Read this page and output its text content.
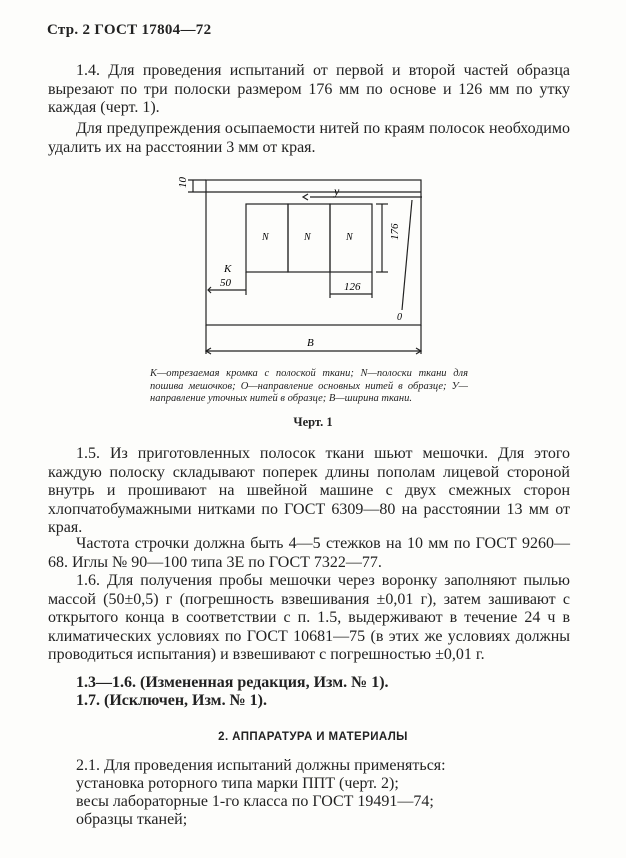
Стр. 2 ГОСТ 17804—72
1.4. Для проведения испытаний от первой и второй частей образца вырезают по три полоски размером 176 мм по основе и 126 мм по утку каждая (черт. 1).
Для предупреждения осыпаемости нитей по краям полосок необходимо удалить их на расстоянии 3 мм от края.
10
у
N	N	N	176
К
50	126
0
В
К—отрезаемая кромка с полоской ткани; N—полоски ткани для пошива мешочков; О—направление основных нитей в образце; У—направление уточных нитей в образце; В—ширина ткани.
Черт. 1
1.5. Из приготовленных полосок ткани шьют мешочки. Для этого каждую полоску складывают поперек длины пополам лицевой стороной внутрь и прошивают на швейной машине с двух смежных сторон хлопчатобумажными нитками по ГОСТ 6309—80 на расстоянии 13 мм от края.
Частота строчки должна быть 4—5 стежков на 10 мм по ГОСТ 9260—68. Иглы № 90—100 типа 3Е по ГОСТ 7322—77.
1.6. Для получения пробы мешочки через воронку заполняют пылью массой (50±0,5) г (погрешность взвешивания ±0,01 г), затем зашивают с открытого конца в соответствии с п. 1.5, выдерживают в течение 24 ч в климатических условиях по ГОСТ 10681—75 (в этих же условиях должны проводиться испытания) и взвешивают с погрешностью ±0,01 г.
1.3—1.6. (Измененная редакция, Изм. № 1).
1.7. (Исключен, Изм. № 1).
2. АППАРАТУРА И МАТЕРИАЛЫ
2.1. Для проведения испытаний должны применяться:
установка роторного типа марки ППТ (черт. 2);
весы лабораторные 1-го класса по ГОСТ 19491—74;
образцы тканей;
